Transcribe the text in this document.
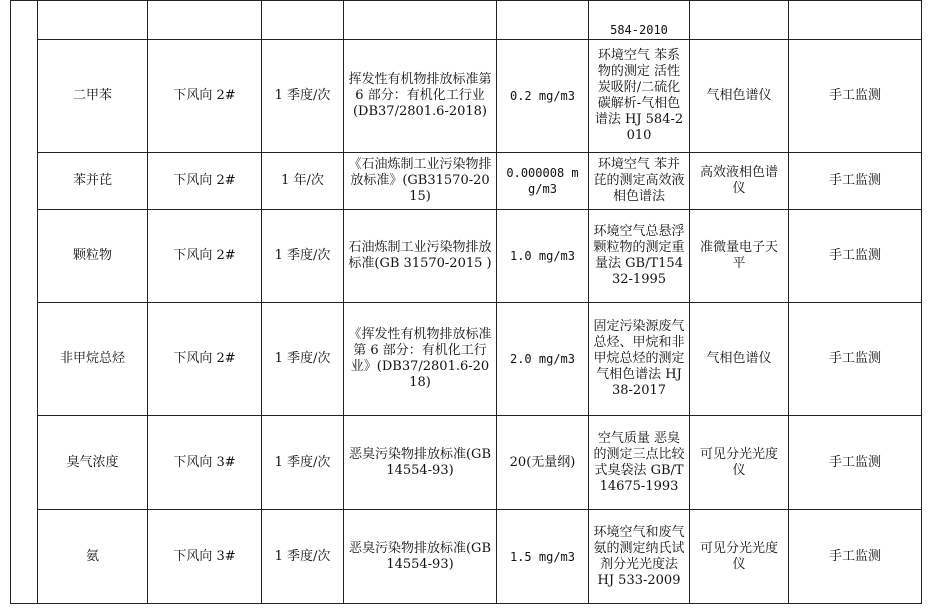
						584-2010		
	二甲苯	下风向 2#	1 季度/次	挥发性有机物排放标准第 6 部分：有机化工行业(DB37/2801.6-2018)	0.2 mg/m3	环境空气 苯系物的测定 活性炭吸附/二硫化碳解析-气相色谱法 HJ 584-2010	气相色谱仪	手工监测
	苯并芘	下风向 2#	1 年/次	《石油炼制工业污染物排放标准》(GB31570-2015)	0.000008 mg/m3	环境空气 苯并芘的测定高效液相色谱法	高效液相色谱仪	手工监测
	颗粒物	下风向 2#	1 季度/次	石油炼制工业污染物排放标准(GB 31570-2015 )	1.0 mg/m3	环境空气总悬浮颗粒物的测定重量法 GB/T15432-1995	准微量电子天平	手工监测
	非甲烷总烃	下风向 2#	1 季度/次	《挥发性有机物排放标准第 6 部分：有机化工行业》(DB37/2801.6-2018)	2.0 mg/m3	固定污染源废气 总烃、甲烷和非甲烷总烃的测定 气相色谱法 HJ38-2017	气相色谱仪	手工监测
	臭气浓度	下风向 3#	1 季度/次	恶臭污染物排放标准(GB14554-93)	20(无量纲)	空气质量 恶臭的测定三点比较式臭袋法 GB/T14675-1993	可见分光光度仪	手工监测
	氨	下风向 3#	1 季度/次	恶臭污染物排放标准(GB14554-93)	1.5 mg/m3	环境空气和废气 氨的测定纳氏试剂分光光度法 HJ 533-2009	可见分光光度仪	手工监测
